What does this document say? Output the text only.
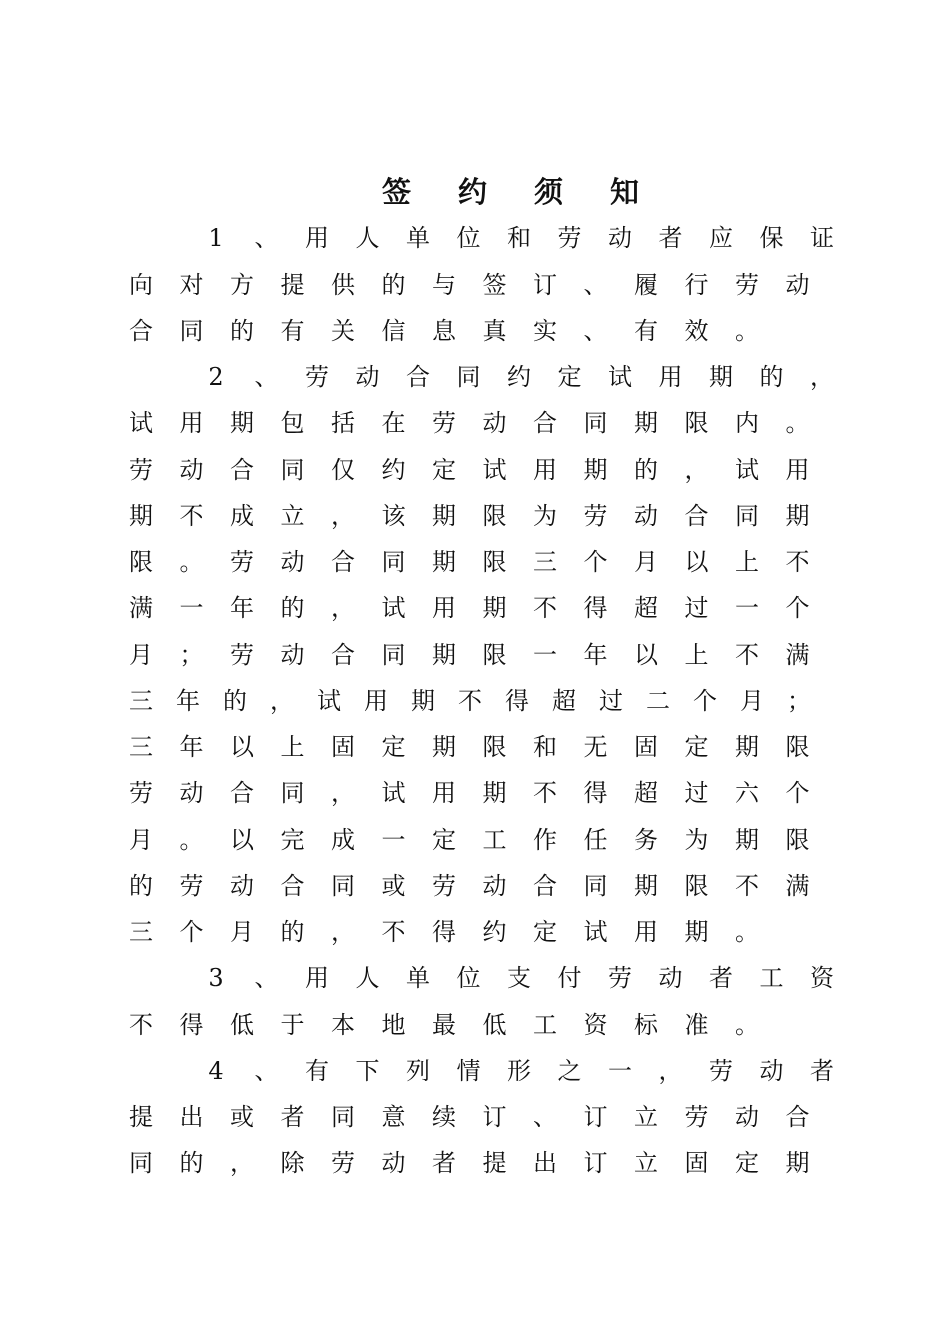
签约须知
1	、 用 人 单 位 和 劳 动 者 应 保 证
向 对 方 提 供 的 与 签 订 、 履 行 劳 动
合 同 的 有 关 信 息 真 实 、 有 效 。
2	、 劳 动 合 同 约 定 试 用 期 的 ，
试 用 期 包 括 在 劳 动 合 同 期 限 内 。
劳 动 合 同 仅 约 定 试 用 期 的 ， 试 用
期 不 成 立 ， 该 期 限 为 劳 动 合 同 期
限 。 劳 动 合 同 期 限 三 个 月 以 上 不
满 一 年 的 ， 试 用 期 不 得 超 过 一 个
月 ； 劳 动 合 同 期 限 一 年 以 上 不 满
三 年 的 ， 试 用 期 不 得 超 过 二 个 月 ；
三 年 以 上 固 定 期 限 和 无 固 定 期 限
劳 动 合 同 ， 试 用 期 不 得 超 过 六 个
月 。 以 完 成 一 定 工 作 任 务 为 期 限
的 劳 动 合 同 或 劳 动 合 同 期 限 不 满
三 个 月 的 ， 不 得 约 定 试 用 期 。
3	、 用 人 单 位 支 付 劳 动 者 工 资
不 得 低 于 本 地 最 低 工 资 标 准 。
4	、 有 下 列 情 形 之 一 ， 劳 动 者
提 出 或 者 同 意 续 订 、 订 立 劳 动 合
同 的 ， 除 劳 动 者 提 出 订 立 固 定 期
